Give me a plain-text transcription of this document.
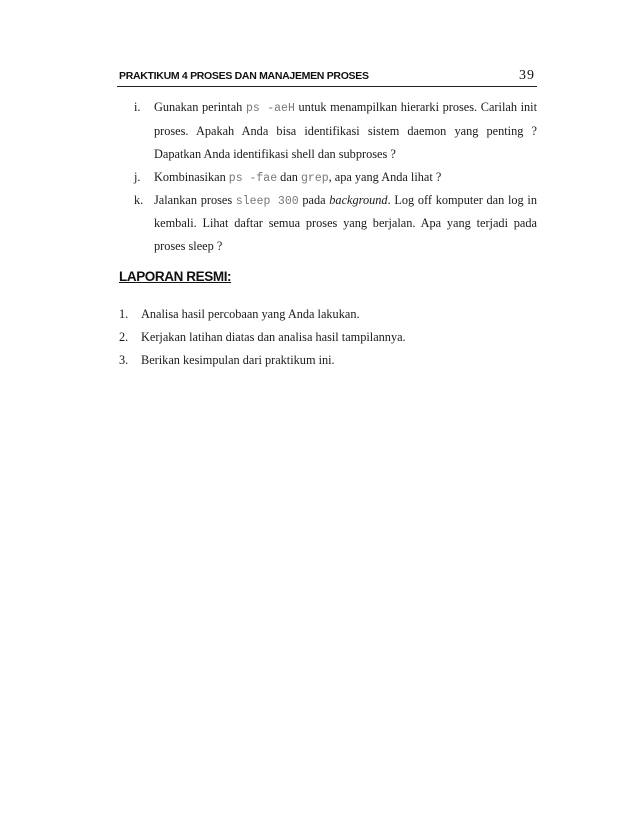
PRAKTIKUM 4 PROSES DAN MANAJEMEN PROSES	39
i. Gunakan perintah ps -aeH untuk menampilkan hierarki proses. Carilah init
proses. Apakah Anda bisa identifikasi sistem daemon yang penting ?
Dapatkan Anda identifikasi shell dan subproses ?
j. Kombinasikan ps -fae dan grep, apa yang Anda lihat ?
k. Jalankan proses sleep 300 pada background. Log off komputer dan log in
kembali. Lihat daftar semua proses yang berjalan. Apa yang terjadi pada
proses sleep ?
LAPORAN RESMI:
1. Analisa hasil percobaan yang Anda lakukan.
2. Kerjakan latihan diatas dan analisa hasil tampilannya.
3. Berikan kesimpulan dari praktikum ini.
